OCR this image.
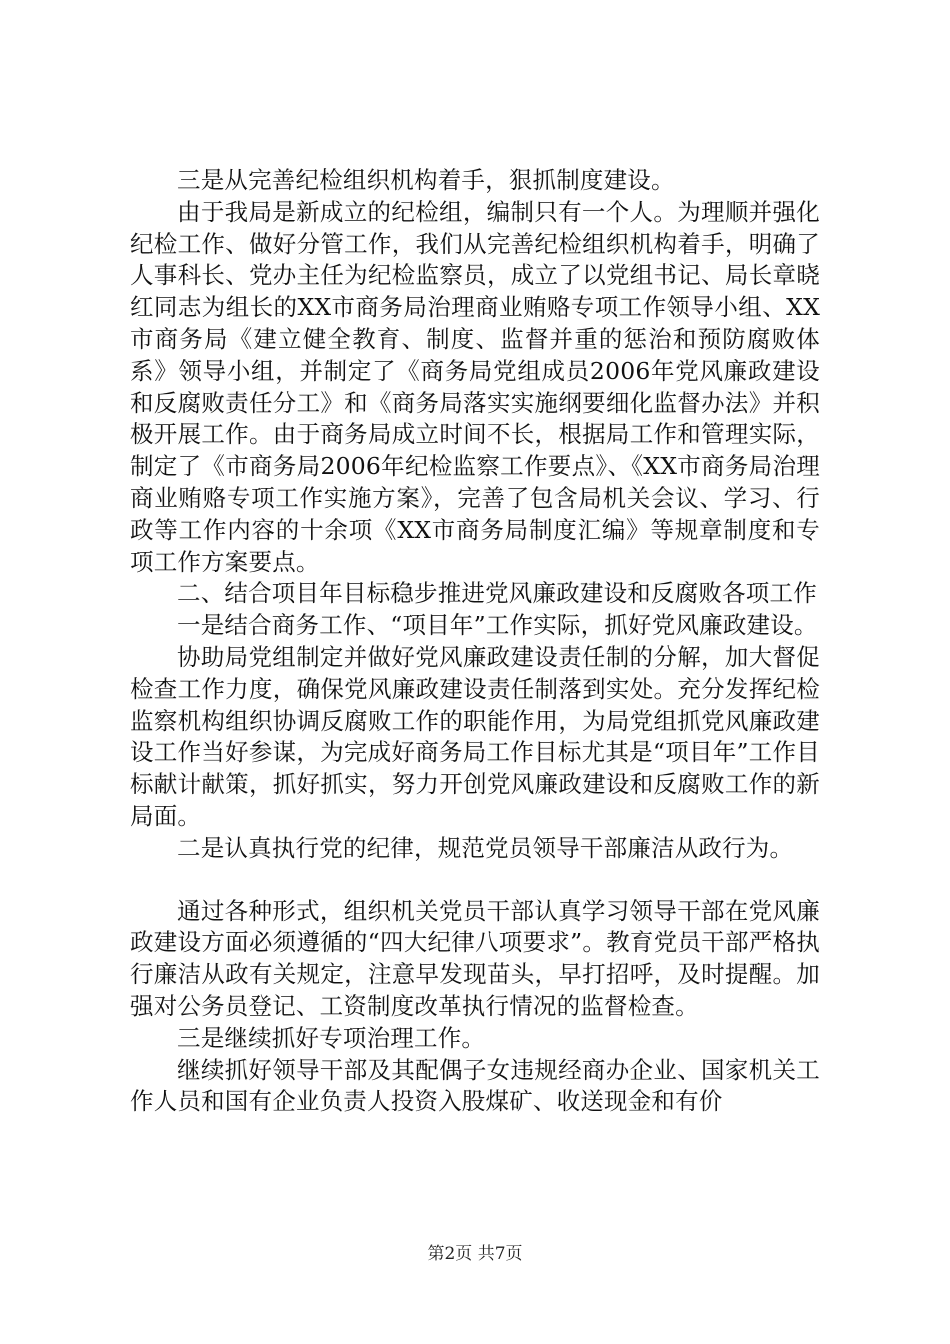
三是从完善纪检组织机构着手，狠抓制度建设。

由于我局是新成立的纪检组，编制只有一个人。为理顺并强化纪检工作、做好分管工作，我们从完善纪检组织机构着手，明确了人事科长、党办主任为纪检监察员，成立了以党组书记、局长章晓红同志为组长的XX市商务局治理商业贿赂专项工作领导小组、XX市商务局《建立健全教育、制度、监督并重的惩治和预防腐败体系》领导小组，并制定了《商务局党组成员2006年党风廉政建设和反腐败责任分工》和《商务局落实实施纲要细化监督办法》并积极开展工作。由于商务局成立时间不长，根据局工作和管理实际，制定了《市商务局2006年纪检监察工作要点》、《XX市商务局治理商业贿赂专项工作实施方案》，完善了包含局机关会议、学习、行政等工作内容的十余项《XX市商务局制度汇编》等规章制度和专项工作方案要点。

二、结合项目年目标稳步推进党风廉政建设和反腐败各项工作

一是结合商务工作、“项目年”工作实际，抓好党风廉政建设。

协助局党组制定并做好党风廉政建设责任制的分解，加大督促检查工作力度，确保党风廉政建设责任制落到实处。充分发挥纪检监察机构组织协调反腐败工作的职能作用，为局党组抓党风廉政建设工作当好参谋，为完成好商务局工作目标尤其是“项目年”工作目标献计献策，抓好抓实，努力开创党风廉政建设和反腐败工作的新局面。

二是认真执行党的纪律，规范党员领导干部廉洁从政行为。

通过各种形式，组织机关党员干部认真学习领导干部在党风廉政建设方面必须遵循的“四大纪律八项要求”。教育党员干部严格执行廉洁从政有关规定，注意早发现苗头，早打招呼，及时提醒。加强对公务员登记、工资制度改革执行情况的监督检查。

三是继续抓好专项治理工作。

继续抓好领导干部及其配偶子女违规经商办企业、国家机关工作人员和国有企业负责人投资入股煤矿、收送现金和有价

第2页 共7页
